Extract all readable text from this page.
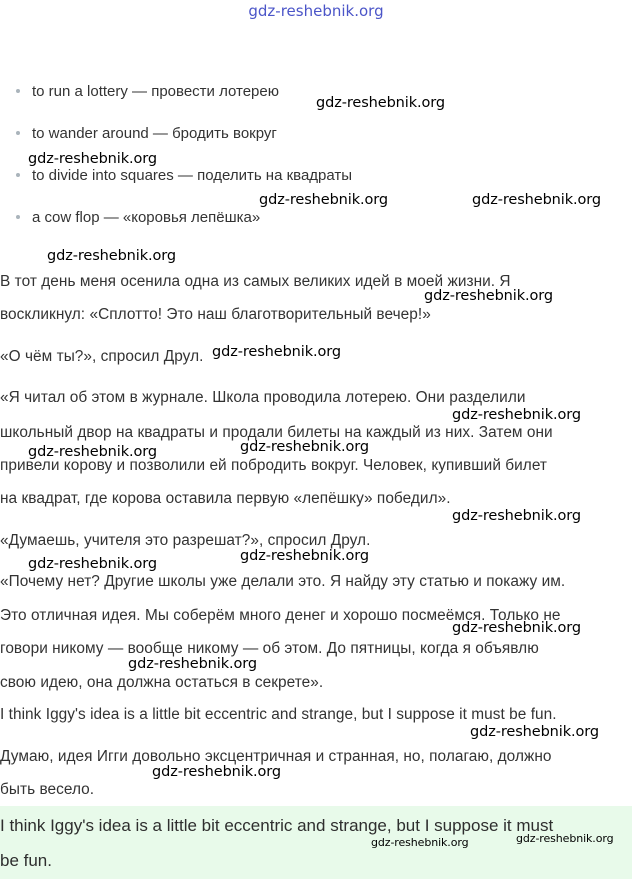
gdz-reshebnik.org
to run a lottery — провести лотерею
to wander around — бродить вокруг
to divide into squares — поделить на квадраты
a cow flop — «коровья лепёшка»
В тот день меня осенила одна из самых великих идей в моей жизни. Я
воскликнул: «Сплотто! Это наш благотворительный вечер!»
«О чём ты?», спросил Друл.
«Я читал об этом в журнале. Школа проводила лотерею. Они разделили
школьный двор на квадраты и продали билеты на каждый из них. Затем они
привели корову и позволили ей побродить вокруг. Человек, купивший билет
на квадрат, где корова оставила первую «лепёшку» победил».
«Думаешь, учителя это разрешат?», спросил Друл.
«Почему нет? Другие школы уже делали это. Я найду эту статью и покажу им.
Это отличная идея. Мы соберём много денег и хорошо посмеёмся. Только не
говори никому — вообще никому — об этом. До пятницы, когда я объявлю
свою идею, она должна остаться в секрете».
I think Iggy's idea is a little bit eccentric and strange, but I suppose it must be fun.
Думаю, идея Игги довольно эксцентричная и странная, но, полагаю, должно
быть весело.
I think Iggy's idea is a little bit eccentric and strange, but I suppose it must
be fun.
gdz-reshebnik.org
gdz-reshebnik.org
gdz-reshebnik.org	gdz-reshebnik.org
gdz-reshebnik.org
gdz-reshebnik.org
gdz-reshebnik.org
gdz-reshebnik.org
gdz-reshebnik.org
gdz-reshebnik.org
gdz-reshebnik.org
gdz-reshebnik.org
gdz-reshebnik.org
gdz-reshebnik.org
gdz-reshebnik.org
gdz-reshebnik.org
gdz-reshebnik.org
gdz-reshebnik.org	gdz-reshebnik.org
